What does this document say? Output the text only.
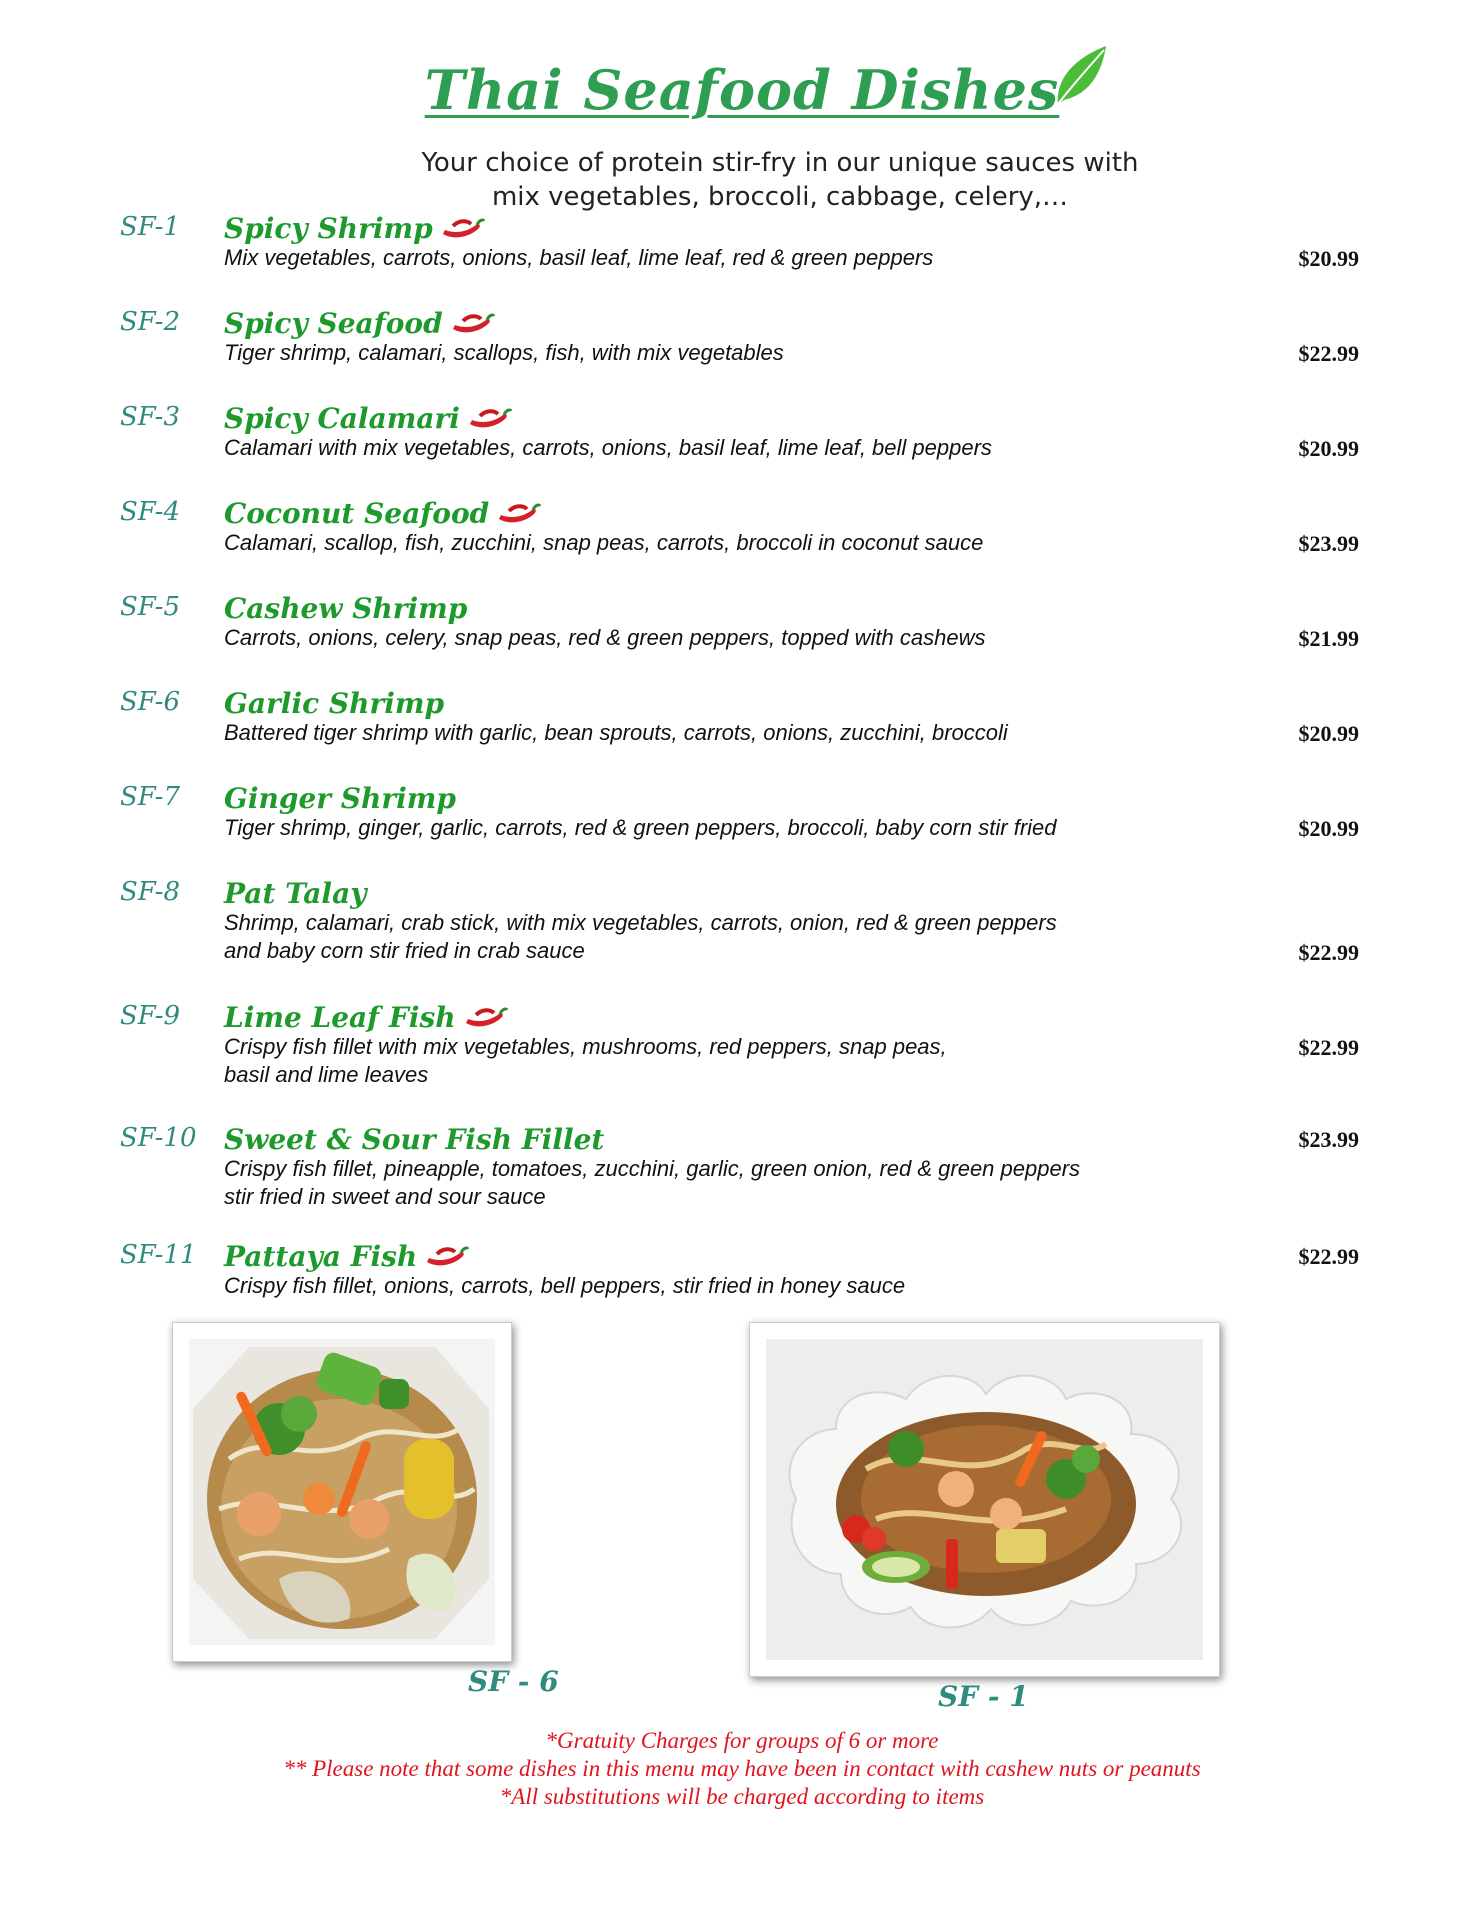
Thai Seafood Dishes
Your choice of protein stir-fry in our unique sauces with
mix vegetables, broccoli, cabbage, celery,…
SF-1 Spicy Shrimp
Mix vegetables, carrots, onions, basil leaf, lime leaf, red & green peppers	$20.99
SF-2 Spicy Seafood
Tiger shrimp, calamari, scallops, fish, with mix vegetables	$22.99
SF-3 Spicy Calamari
Calamari with mix vegetables, carrots, onions, basil leaf, lime leaf, bell peppers	$20.99
SF-4 Coconut Seafood
Calamari, scallop, fish, zucchini, snap peas, carrots, broccoli in coconut sauce	$23.99
SF-5 Cashew Shrimp
Carrots, onions, celery, snap peas, red & green peppers, topped with cashews	$21.99
SF-6 Garlic Shrimp
Battered tiger shrimp with garlic, bean sprouts, carrots, onions, zucchini, broccoli	$20.99
SF-7 Ginger Shrimp
Tiger shrimp, ginger, garlic, carrots, red & green peppers, broccoli, baby corn stir fried	$20.99
SF-8 Pat Talay
Shrimp, calamari, crab stick, with mix vegetables, carrots, onion, red & green peppers
and baby corn stir fried in crab sauce	$22.99
SF-9 Lime Leaf Fish
Crispy fish fillet with mix vegetables, mushrooms, red peppers, snap peas,
basil and lime leaves
$22.99
SF-10 Sweet & Sour Fish Fillet
Crispy fish fillet, pineapple, tomatoes, zucchini, garlic, green onion, red & green peppers
stir fried in sweet and sour sauce
$23.99
SF-11 Pattaya Fish
Crispy fish fillet, onions, carrots, bell peppers, stir fried in honey sauce
$22.99
SF - 6	SF - 1
*Gratuity Charges for groups of 6 or more
** Please note that some dishes in this menu may have been in contact with cashew nuts or peanuts
*All substitutions will be charged according to items
